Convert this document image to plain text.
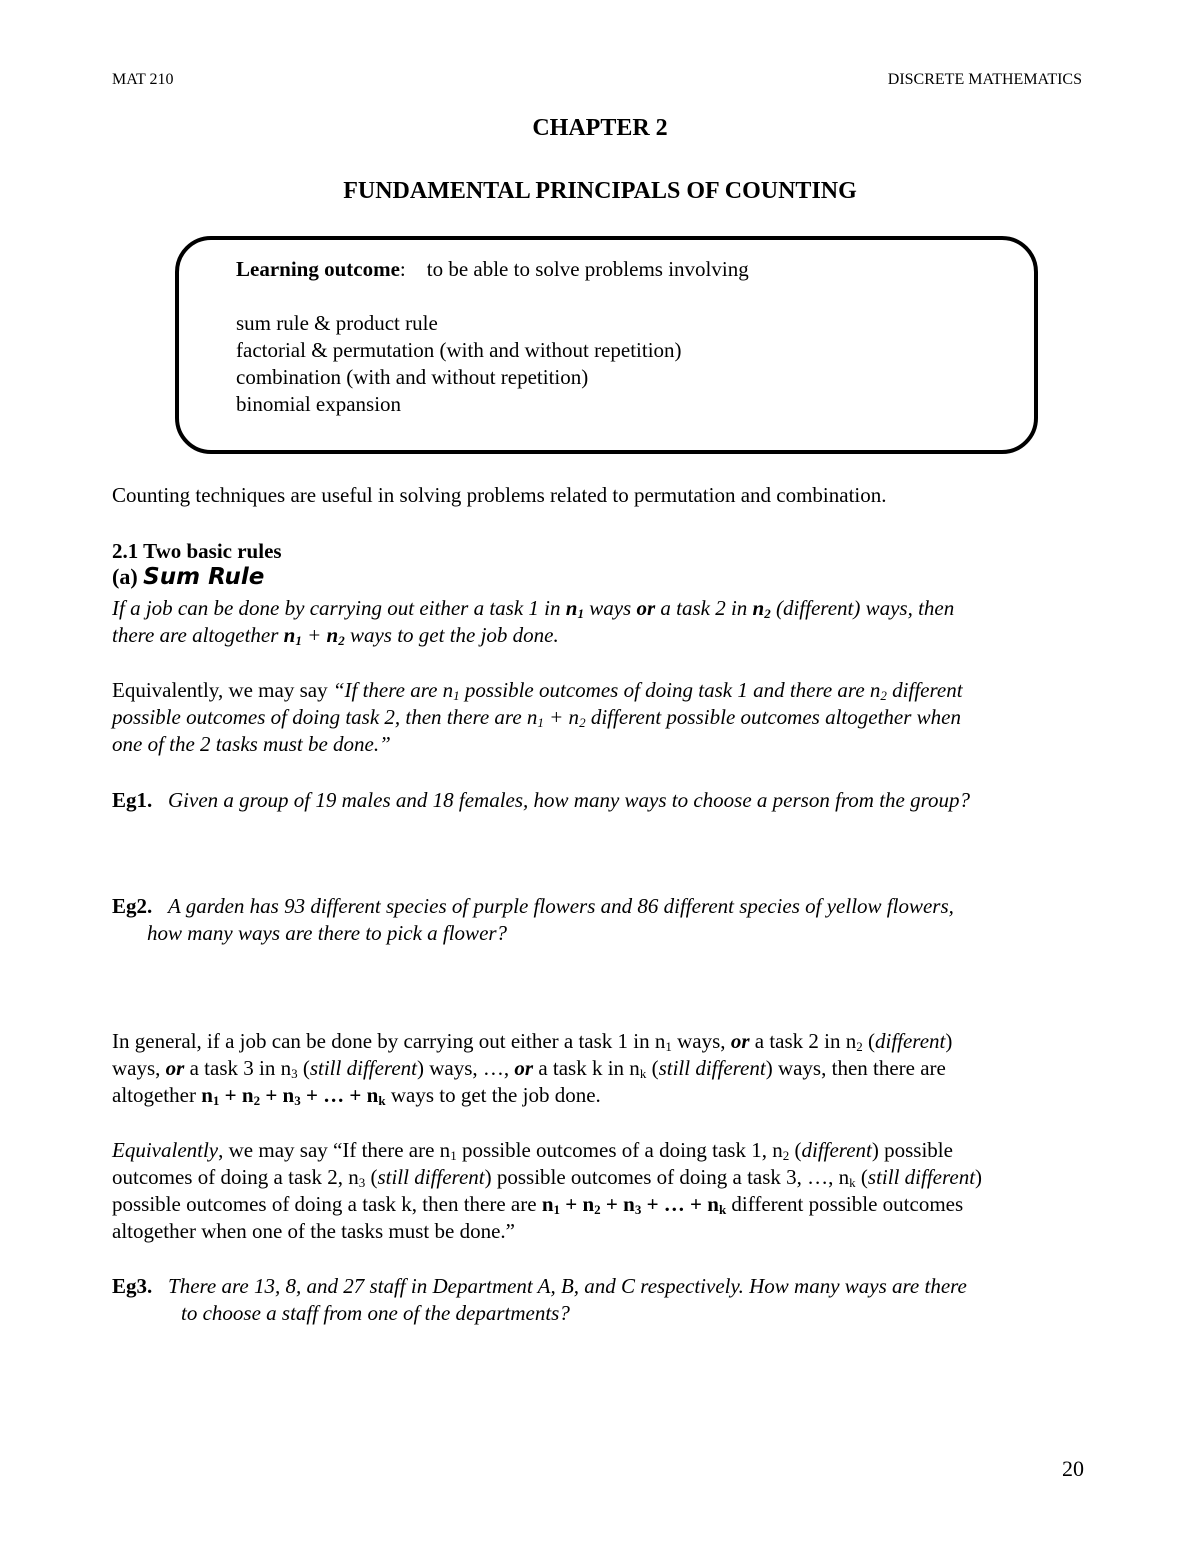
MAT 210	DISCRETE MATHEMATICS
CHAPTER 2
FUNDAMENTAL PRINCIPALS OF COUNTING
Learning outcome:    to be able to solve problems involving
sum rule & product rule
factorial & permutation (with and without repetition)
combination (with and without repetition)
binomial expansion
Counting techniques are useful in solving problems related to permutation and combination.
2.1 Two basic rules
(a) Sum Rule
If a job can be done by carrying out either a task 1 in $n_1$ ways or a task 2 in $n_2$ (different) ways, then
there are altogether $n_1 + n_2$ ways to get the job done.
Equivalently, we may say “If there are $n_1$ possible outcomes of doing task 1 and there are $n_2$ different
possible outcomes of doing task 2, then there are $n_1 + n_2$ different possible outcomes altogether when
one of the 2 tasks must be done.”
Eg1. Given a group of 19 males and 18 females, how many ways to choose a person from the group?
Eg2. A garden has 93 different species of purple flowers and 86 different species of yellow flowers,
how many ways are there to pick a flower?
In general, if a job can be done by carrying out either a task 1 in $n_1$ ways, or a task 2 in $n_2$ (different)
ways, or a task 3 in $n_3$ (still different) ways, …, or a task k in $n_k$ (still different) ways, then there are
altogether $n_1 + n_2 + n_3$ + … + $n_k$ ways to get the job done.
Equivalently, we may say “If there are $n_1$ possible outcomes of a doing task 1, $n_2$ (different) possible
outcomes of doing a task 2, $n_3$ (still different) possible outcomes of doing a task 3, …, $n_k$ (still different)
possible outcomes of doing a task k, then there are $n_1 + n_2 + n_3$ + … + $n_k$ different possible outcomes
altogether when one of the tasks must be done.”
Eg3. There are 13, 8, and 27 staff in Department A, B, and C respectively. How many ways are there
to choose a staff from one of the departments?
20
